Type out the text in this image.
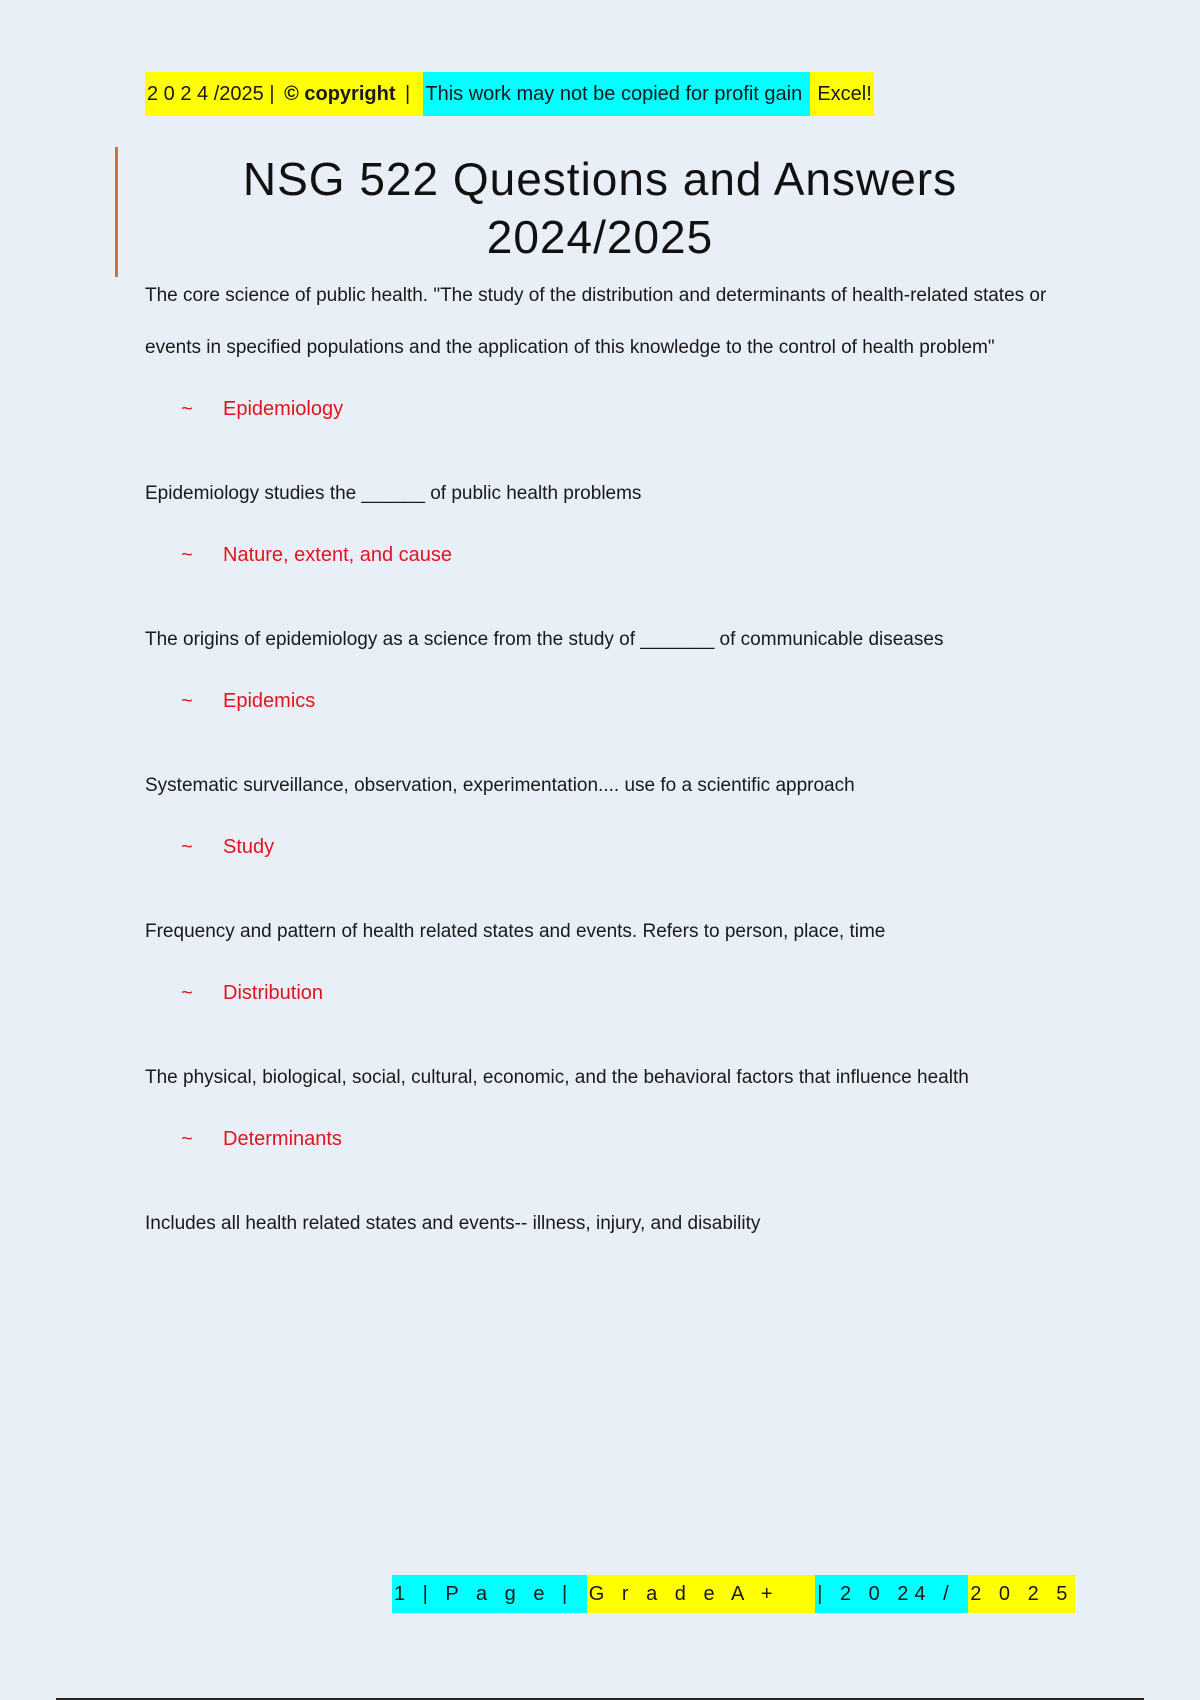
2 0 2 4 /2025 | © copyright | This work may not be copied for profit gain Excel!
NSG 522 Questions and Answers
2024/2025

The core science of public health. "The study of the distribution and determinants of health-related states or events in specified populations and the application of this knowledge to the control of health problem"

~	Epidemiology

Epidemiology studies the ______ of public health problems

~	Nature, extent, and cause

The origins of epidemiology as a science from the study of _______ of communicable diseases

~	Epidemics

Systematic surveillance, observation, experimentation.... use fo a scientific approach

~	Study

Frequency and pattern of health related states and events. Refers to person, place, time

~	Distribution

The physical, biological, social, cultural, economic, and the behavioral factors that influence health

~	Determinants

Includes all health related states and events-- illness, injury, and disability

1 | P a g e | G r a d e A + | 2 0 24 / 2 0 2 5
